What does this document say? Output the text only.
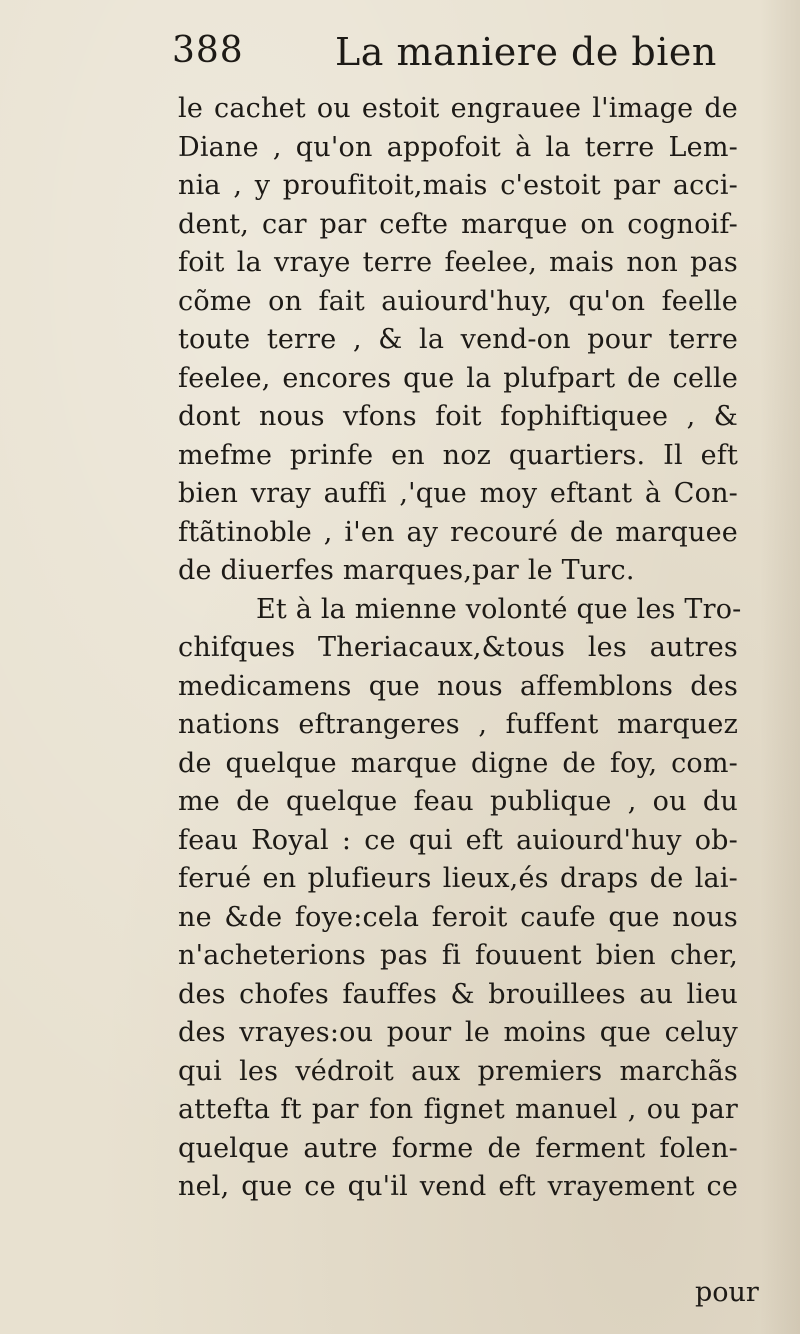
388 La maniere de bien
le cachet ou estoit engrauee l'image de
Diane , qu'on appofoit à la terre Lem-
nia , y proufitoit,mais c'estoit par acci-
dent, car par cefte marque on cognoif-
foit la vraye terre feelee, mais non pas
cõme on fait auiourd'huy, qu'on feelle
toute terre , & la vend-on pour terre
feelee, encores que la plufpart de celle
dont nous vfons foit fophiftiquee , &
mefme prinfe en noz quartiers. Il eft
bien vray auffi ,'que moy eftant à Con-
ftãtinoble , i'en ay recouré de marquee
de diuerfes marques,par le Turc.
Et à la mienne volonté que les Tro-
chifques Theriacaux,&tous les autres
medicamens que nous affemblons des
nations eftrangeres , fuffent marquez
de quelque marque digne de foy, com-
me de quelque feau publique , ou du
feau Royal : ce qui eft auiourd'huy ob-
ferué en plufieurs lieux,és draps de lai-
ne &de foye:cela feroit caufe que nous
n'acheterions pas fi fouuent bien cher,
des chofes fauffes & brouillees au lieu
des vrayes:ou pour le moins que celuy
qui les védroit aux premiers marchãs
attefta ft par fon fignet manuel , ou par
quelque autre forme de ferment folen-
nel, que ce qu'il vend eft vrayement ce
pour
